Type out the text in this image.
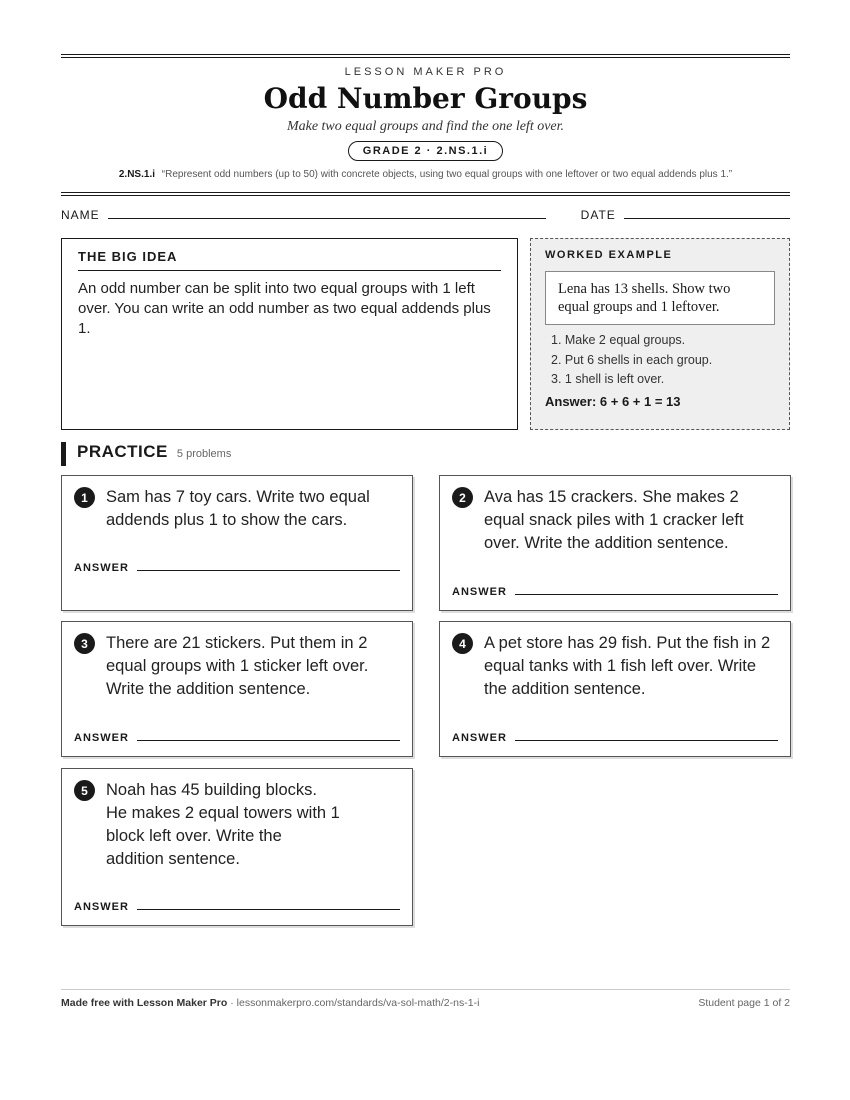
LESSON MAKER PRO
Odd Number Groups
Make two equal groups and find the one left over.
GRADE 2 · 2.NS.1.i
2.NS.1.i “Represent odd numbers (up to 50) with concrete objects, using two equal groups with one leftover or two equal addends plus 1.”
NAME	DATE
THE BIG IDEA
An odd number can be split into two equal groups with 1 left over. You can write an odd number as two equal addends plus 1.
WORKED EXAMPLE
Lena has 13 shells. Show two equal groups and 1 leftover.
1. Make 2 equal groups.
2. Put 6 shells in each group.
3. 1 shell is left over.
Answer: 6 + 6 + 1 = 13
PRACTICE 5 problems
1	Sam has 7 toy cars. Write two equal addends plus 1 to show the cars.
ANSWER
2	Ava has 15 crackers. She makes 2 equal snack piles with 1 cracker left over. Write the addition sentence.
ANSWER
3	There are 21 stickers. Put them in 2 equal groups with 1 sticker left over. Write the addition sentence.
ANSWER
4	A pet store has 29 fish. Put the fish in 2 equal tanks with 1 fish left over. Write the addition sentence.
ANSWER
5	Noah has 45 building blocks. He makes 2 equal towers with 1 block left over. Write the addition sentence.
ANSWER
Made free with Lesson Maker Pro · lessonmakerpro.com/standards/va-sol-math/2-ns-1-i	Student page 1 of 2
